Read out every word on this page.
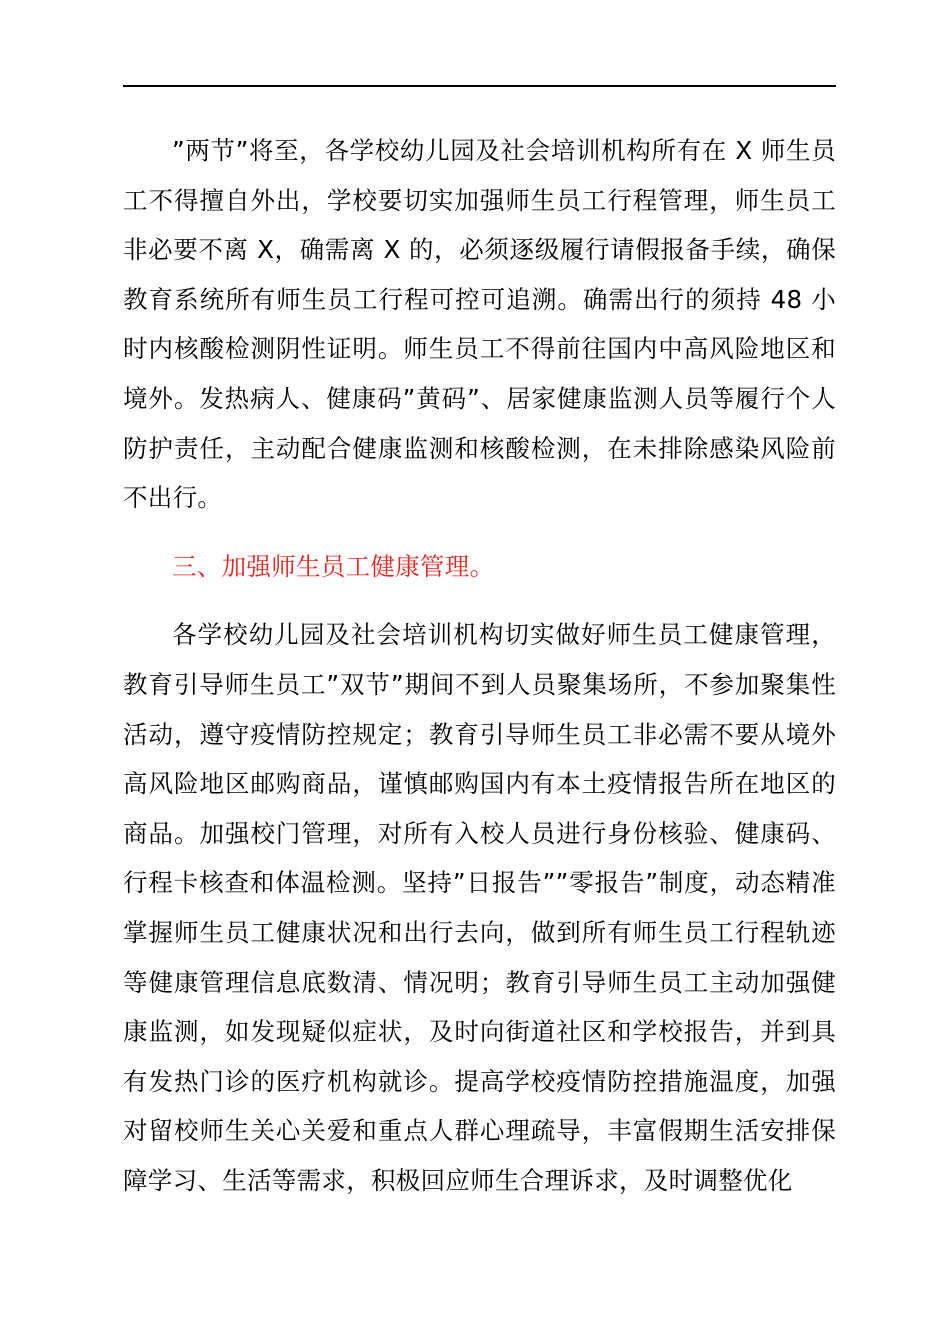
”两节”将至，各学校幼儿园及社会培训机构所有在 X 师生员工不得擅自外出，学校要切实加强师生员工行程管理，师生员工非必要不离 X，确需离 X 的，必须逐级履行请假报备手续，确保教育系统所有师生员工行程可控可追溯。确需出行的须持 48 小时内核酸检测阴性证明。师生员工不得前往国内中高风险地区和境外。发热病人、健康码”黄码”、居家健康监测人员等履行个人防护责任，主动配合健康监测和核酸检测，在未排除感染风险前不出行。

三、加强师生员工健康管理。

各学校幼儿园及社会培训机构切实做好师生员工健康管理，教育引导师生员工”双节”期间不到人员聚集场所，不参加聚集性活动，遵守疫情防控规定；教育引导师生员工非必需不要从境外高风险地区邮购商品，谨慎邮购国内有本土疫情报告所在地区的商品。加强校门管理，对所有入校人员进行身份核验、健康码、行程卡核查和体温检测。坚持”日报告””零报告”制度，动态精准掌握师生员工健康状况和出行去向，做到所有师生员工行程轨迹等健康管理信息底数清、情况明；教育引导师生员工主动加强健康监测，如发现疑似症状，及时向街道社区和学校报告，并到具有发热门诊的医疗机构就诊。提高学校疫情防控措施温度，加强对留校师生关心关爱和重点人群心理疏导，丰富假期生活安排保障学习、生活等需求，积极回应师生合理诉求，及时调整优化
